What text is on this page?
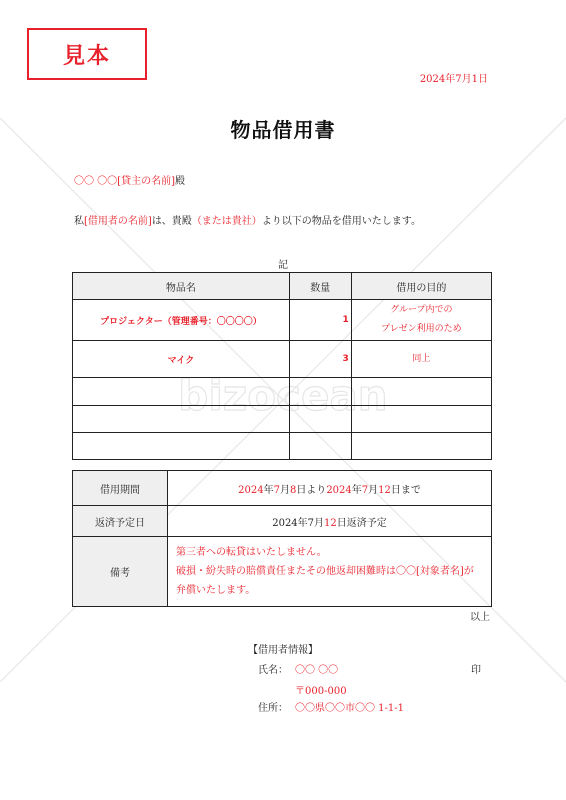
bizocean
見本
2024年7月1日
物品借用書
〇〇 〇〇[貸主の名前]殿
私[借用者の名前]は、貴殿（または貴社）より以下の物品を借用いたします。
記
物品名	数量	借用の目的
プロジェクター（管理番号：〇〇〇〇）	1	グループ内での
プレゼン利用のため

マイク	3	同上

借用期間	2024年7月8日より2024年7月12日まで
返済予定日	2024年7月12日返済予定
備考	第三者への転貸はいたしません。
破損・紛失時の賠償責任またその他返却困難時は〇〇[対象者名]が
弁償いたします。
以上
【借用者情報】
氏名： 〇〇 〇〇	印
〒000-000
住所： 〇〇県〇〇市〇〇 1-1-1
